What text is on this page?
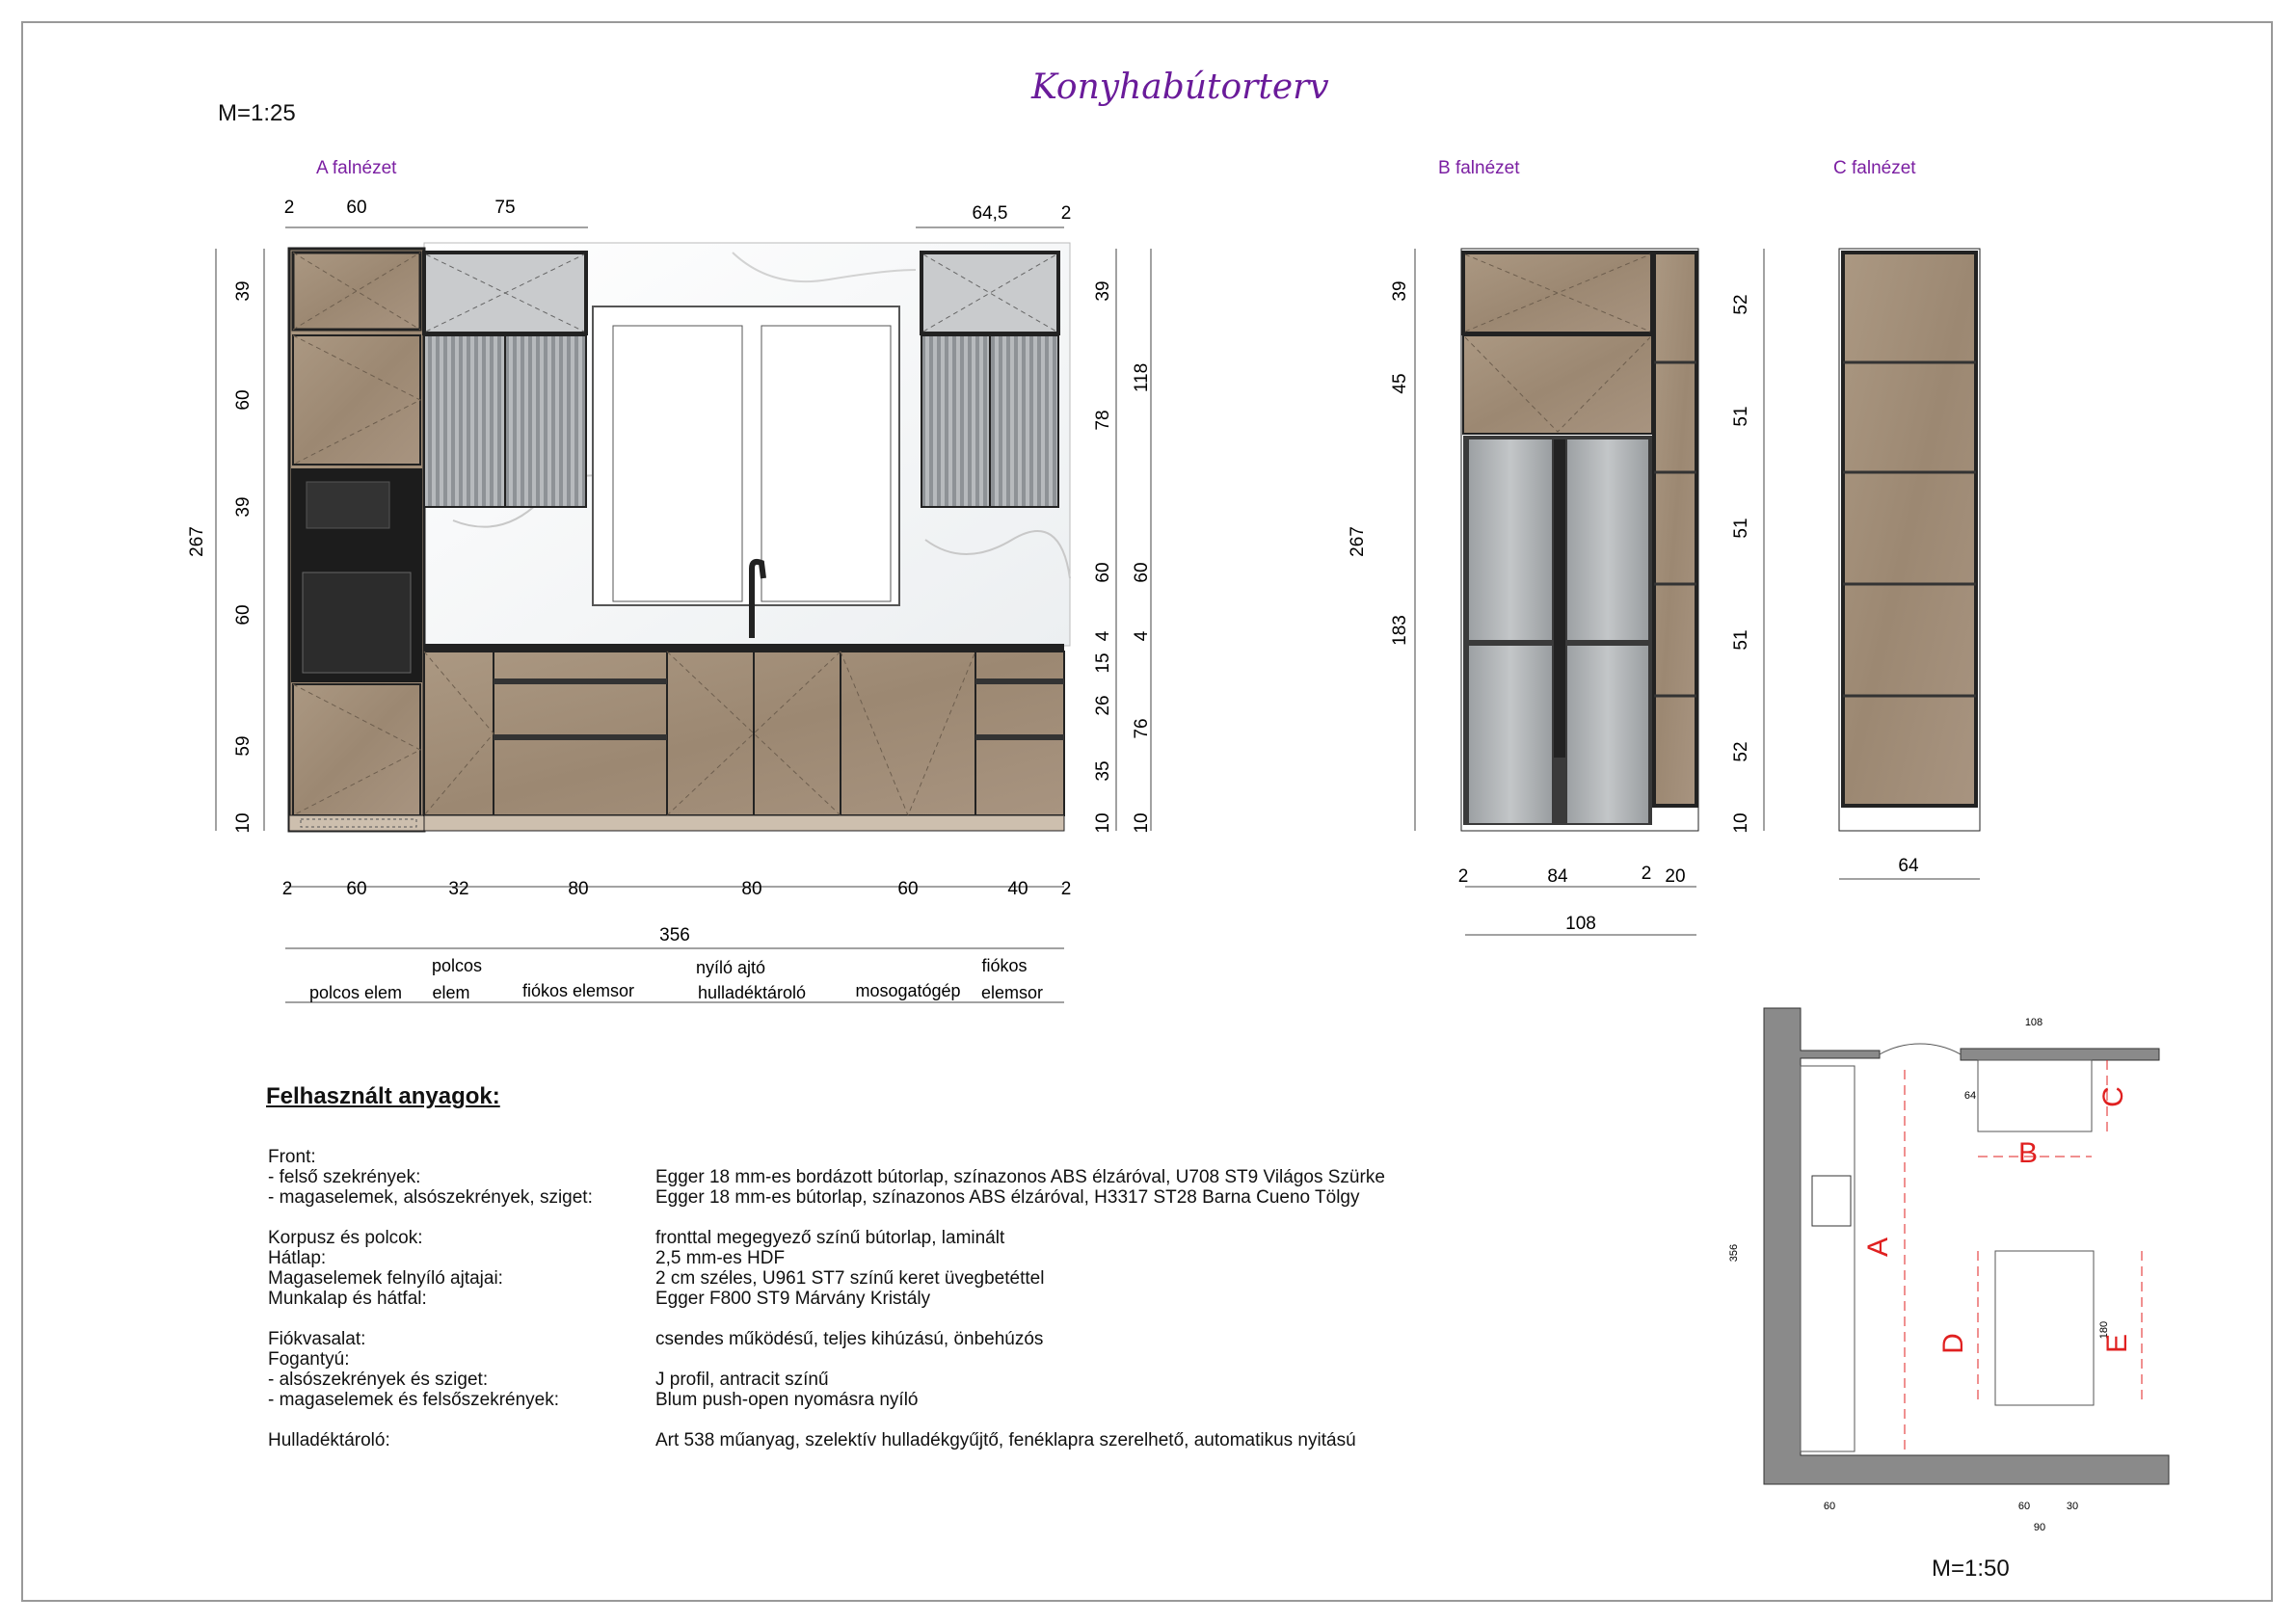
Konyhabútorterv
M=1:25
M=1:50
A falnézet	B falnézet	C falnézet
2	60	75	64,5	2
267
39
60
39
60
59
10
39
78
60
4
15
26
35
10
118
60
4
76
10
2	60	32	80	80	60	40 2
356
polcos elem
polcos
elem	fiókos elemsor
nyíló ajtó
hulladéktároló	mosogatógép
fiókos
elemsor
267
39
45
183
52
51
51
51
52
10
2	84	2 20
108
64
108
64
356
180
60	60	30
90
A
B
C
D	E
Felhasznált anyagok:
Front:
- felső szekrények:	Egger 18 mm-es bordázott bútorlap, színazonos ABS élzáróval, U708 ST9 Világos Szürke
- magaselemek, alsószekrények, sziget:	Egger 18 mm-es bútorlap, színazonos ABS élzáróval, H3317 ST28 Barna Cueno Tölgy
Korpusz és polcok:	fronttal megegyező színű bútorlap, laminált
Hátlap:	2,5 mm-es HDF
Magaselemek felnyíló ajtajai:	2 cm széles, U961 ST7 színű keret üvegbetéttel
Munkalap és hátfal:	Egger F800 ST9 Márvány Kristály
Fiókvasalat:	csendes működésű, teljes kihúzású, önbehúzós
Fogantyú:
- alsószekrények és sziget:	J profil, antracit színű
- magaselemek és felsőszekrények:	Blum push-open nyomásra nyíló
Hulladéktároló:	Art 538 műanyag, szelektív hulladékgyűjtő, fenéklapra szerelhető, automatikus nyitású
